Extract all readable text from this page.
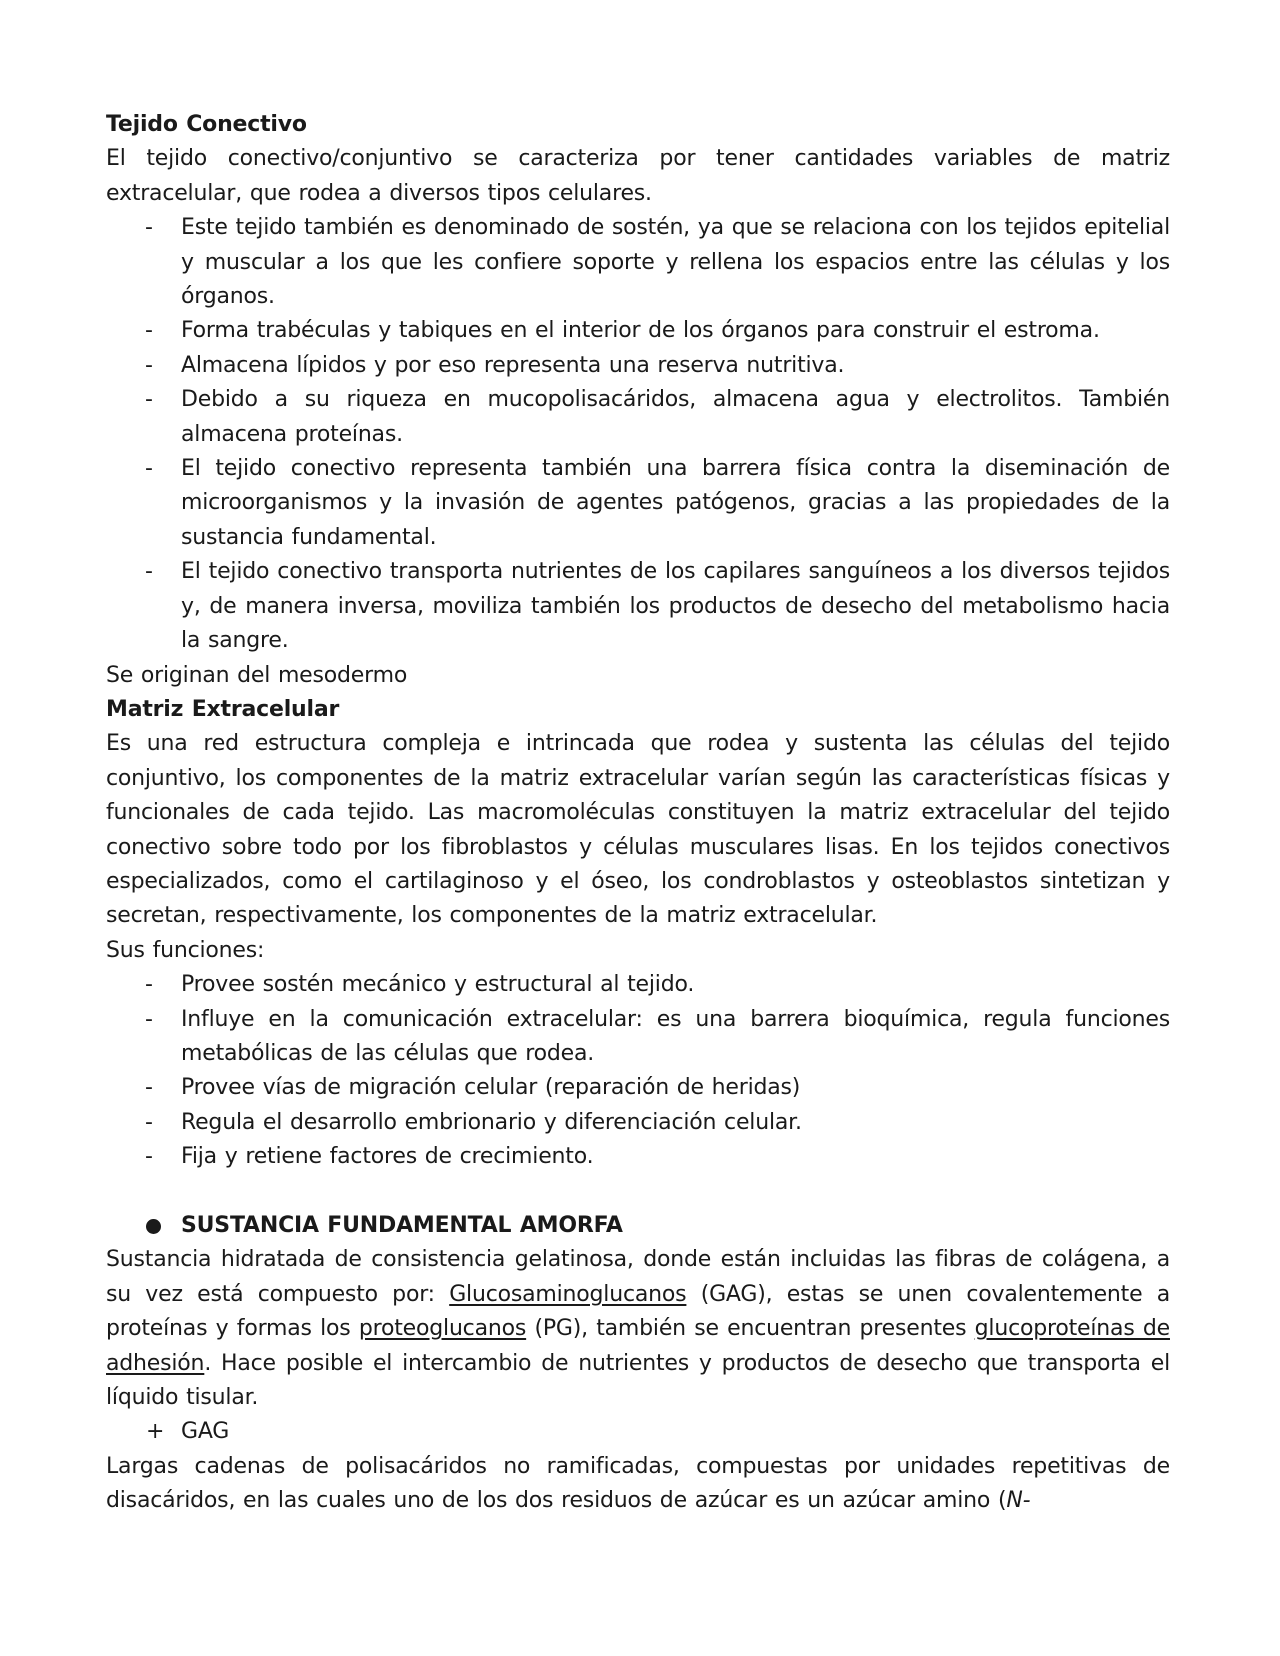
Tejido Conectivo

El tejido conectivo/conjuntivo se caracteriza por tener cantidades variables de matriz extracelular, que rodea a diversos tipos celulares.

- Este tejido también es denominado de sostén, ya que se relaciona con los tejidos epitelial y muscular a los que les confiere soporte y rellena los espacios entre las células y los órganos.
- Forma trabéculas y tabiques en el interior de los órganos para construir el estroma.
- Almacena lípidos y por eso representa una reserva nutritiva.
- Debido a su riqueza en mucopolisacáridos, almacena agua y electrolitos. También almacena proteínas.
- El tejido conectivo representa también una barrera física contra la diseminación de microorganismos y la invasión de agentes patógenos, gracias a las propiedades de la sustancia fundamental.
- El tejido conectivo transporta nutrientes de los capilares sanguíneos a los diversos tejidos y, de manera inversa, moviliza también los productos de desecho del metabolismo hacia la sangre.

Se originan del mesodermo

Matriz Extracelular

Es una red estructura compleja e intrincada que rodea y sustenta las células del tejido conjuntivo, los componentes de la matriz extracelular varían según las características físicas y funcionales de cada tejido. Las macromoléculas constituyen la matriz extracelular del tejido conectivo sobre todo por los fibroblastos y células musculares lisas. En los tejidos conectivos especializados, como el cartilaginoso y el óseo, los condroblastos y osteoblastos sintetizan y secretan, respectivamente, los componentes de la matriz extracelular.

Sus funciones:

- Provee sostén mecánico y estructural al tejido.
- Influye en la comunicación extracelular: es una barrera bioquímica, regula funciones metabólicas de las células que rodea.
- Provee vías de migración celular (reparación de heridas)
- Regula el desarrollo embrionario y diferenciación celular.
- Fija y retiene factores de crecimiento.
SUSTANCIA FUNDAMENTAL AMORFA

Sustancia hidratada de consistencia gelatinosa, donde están incluidas las fibras de colágena, a su vez está compuesto por: Glucosaminoglucanos (GAG), estas se unen covalentemente a proteínas y formas los proteoglucanos (PG), también se encuentran presentes glucoproteínas de adhesión. Hace posible el intercambio de nutrientes y productos de desecho que transporta el líquido tisular.

+ GAG

Largas cadenas de polisacáridos no ramificadas, compuestas por unidades repetitivas de disacáridos, en las cuales uno de los dos residuos de azúcar es un azúcar amino (N-
